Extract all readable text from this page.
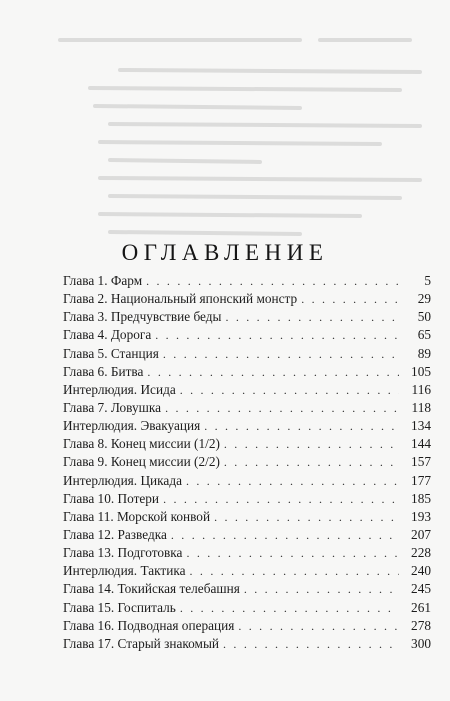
ОГЛАВЛЕНИЕ
Глава 1. Фарм . . .	5
Глава 2. Национальный японский монстр . . .	29
Глава 3. Предчувствие беды . . .	50
Глава 4. Дорога . . .	65
Глава 5. Станция . . .	89
Глава 6. Битва . . .	105
Интерлюдия. Исида . . .	116
Глава 7. Ловушка . . .	118
Интерлюдия. Эвакуация . . .	134
Глава 8. Конец миссии (1/2) . . .	144
Глава 9. Конец миссии (2/2) . . .	157
Интерлюдия. Цикада . . .	177
Глава 10. Потери . . .	185
Глава 11. Морской конвой . . .	193
Глава 12. Разведка . . .	207
Глава 13. Подготовка . . .	228
Интерлюдия. Тактика . . .	240
Глава 14. Токийская телебашня . . .	245
Глава 15. Госпиталь . . .	261
Глава 16. Подводная операция . . .	278
Глава 17. Старый знакомый . . .	300
